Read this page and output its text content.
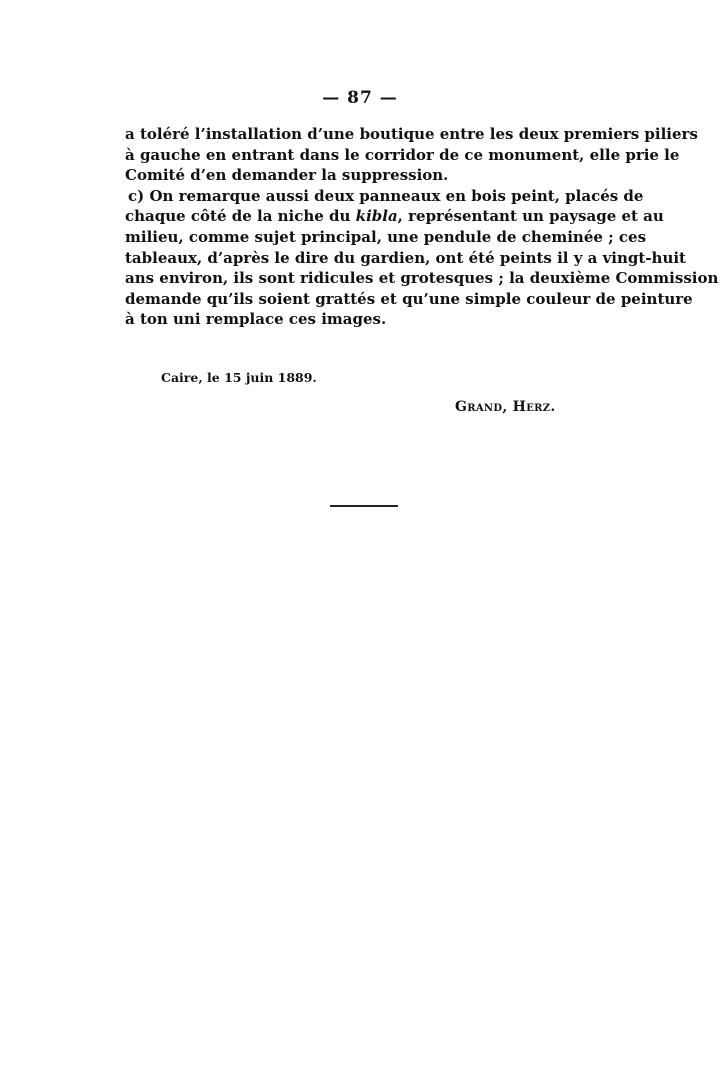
— 87 —
a toléré l’installation d’une boutique entre les deux premiers piliers
à gauche en entrant dans le corridor de ce monument, elle prie le
Comité d’en demander la suppression.
c) On remarque aussi deux panneaux en bois peint, placés de
chaque côté de la niche du kibla, représentant un paysage et au
milieu, comme sujet principal, une pendule de cheminée ; ces
tableaux, d’après le dire du gardien, ont été peints il y a vingt-huit
ans environ, ils sont ridicules et grotesques ; la deuxième Commission
demande qu’ils soient grattés et qu’une simple couleur de peinture
à ton uni remplace ces images.
Caire, le 15 juin 1889.
Grand, Herz.
